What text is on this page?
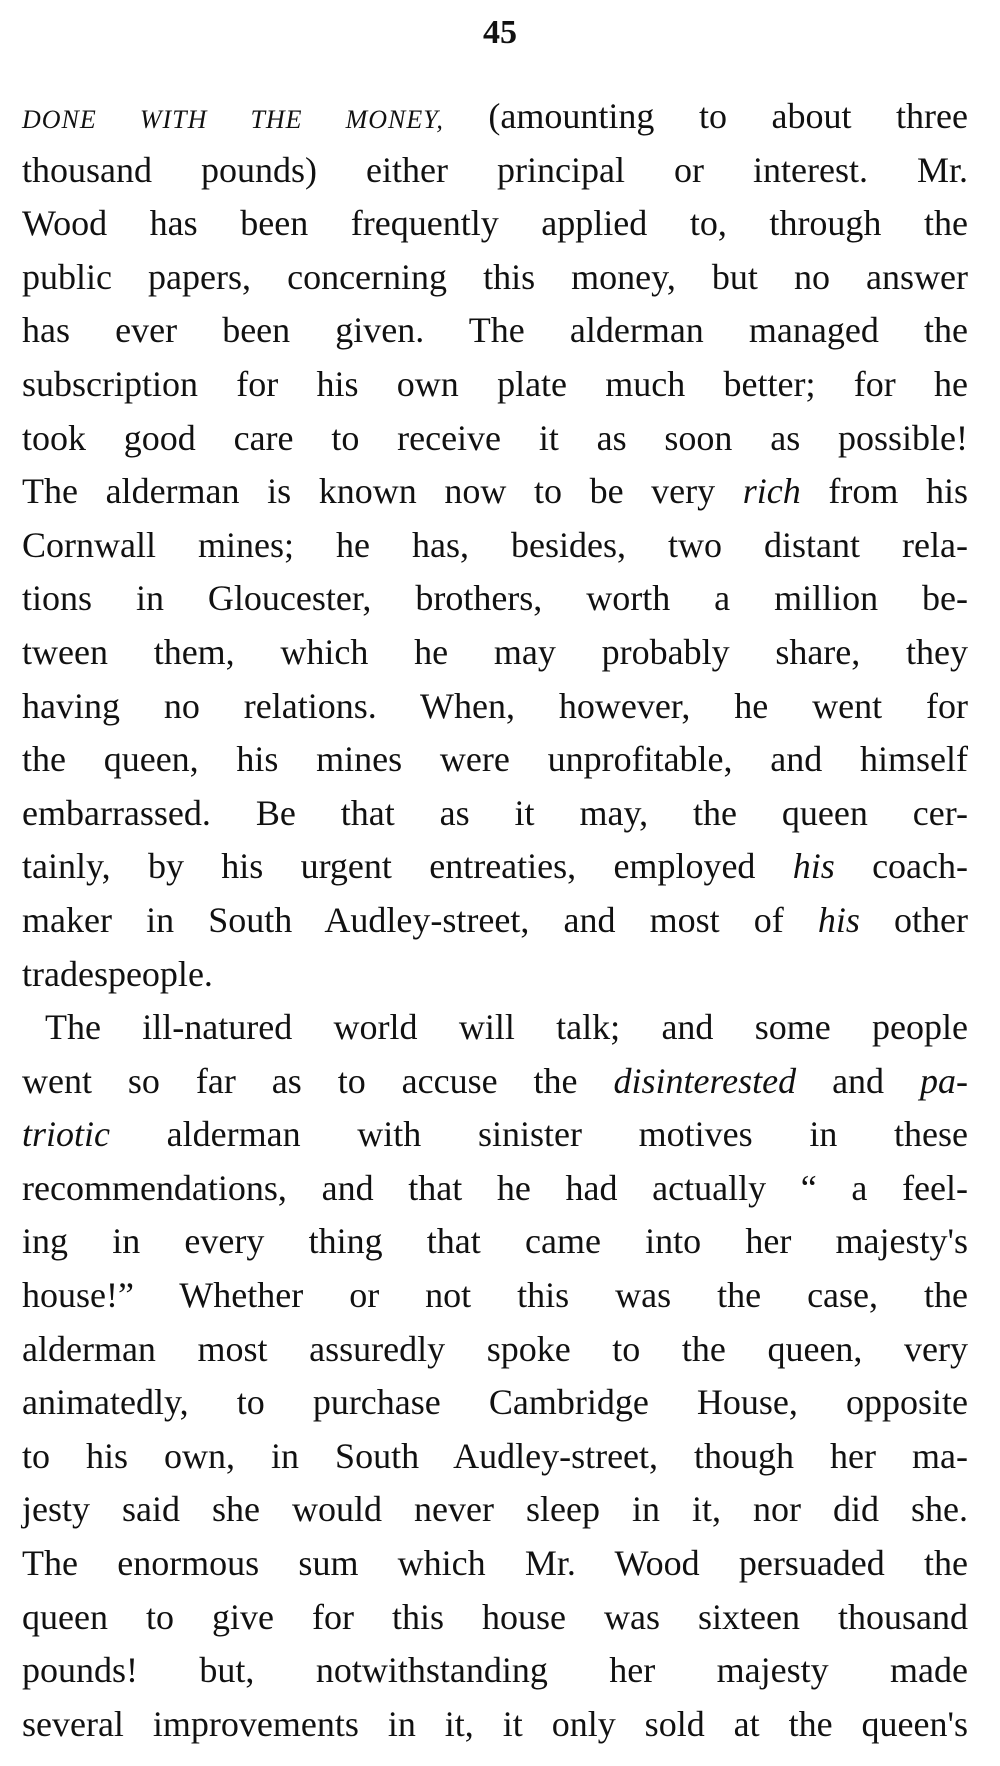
45
DONE WITH THE MONEY, (amounting to about three
thousand pounds) either principal or interest. Mr.
Wood has been frequently applied to, through the
public papers, concerning this money, but no answer
has ever been given. The alderman managed the
subscription for his own plate much better; for he
took good care to receive it as soon as possible!
The alderman is known now to be very rich from his
Cornwall mines; he has, besides, two distant rela-
tions in Gloucester, brothers, worth a million be-
tween them, which he may probably share, they
having no relations. When, however, he went for
the queen, his mines were unprofitable, and himself
embarrassed. Be that as it may, the queen cer-
tainly, by his urgent entreaties, employed his coach-
maker in South Audley-street, and most of his other
tradespeople.
The ill-natured world will talk; and some people
went so far as to accuse the disinterested and pa-
triotic alderman with sinister motives in these
recommendations, and that he had actually “ a feel-
ing in every thing that came into her majesty's
house!” Whether or not this was the case, the
alderman most assuredly spoke to the queen, very
animatedly, to purchase Cambridge House, opposite
to his own, in South Audley-street, though her ma-
jesty said she would never sleep in it, nor did she.
The enormous sum which Mr. Wood persuaded the
queen to give for this house was sixteen thousand
pounds! but, notwithstanding her majesty made
several improvements in it, it only sold at the queen's
